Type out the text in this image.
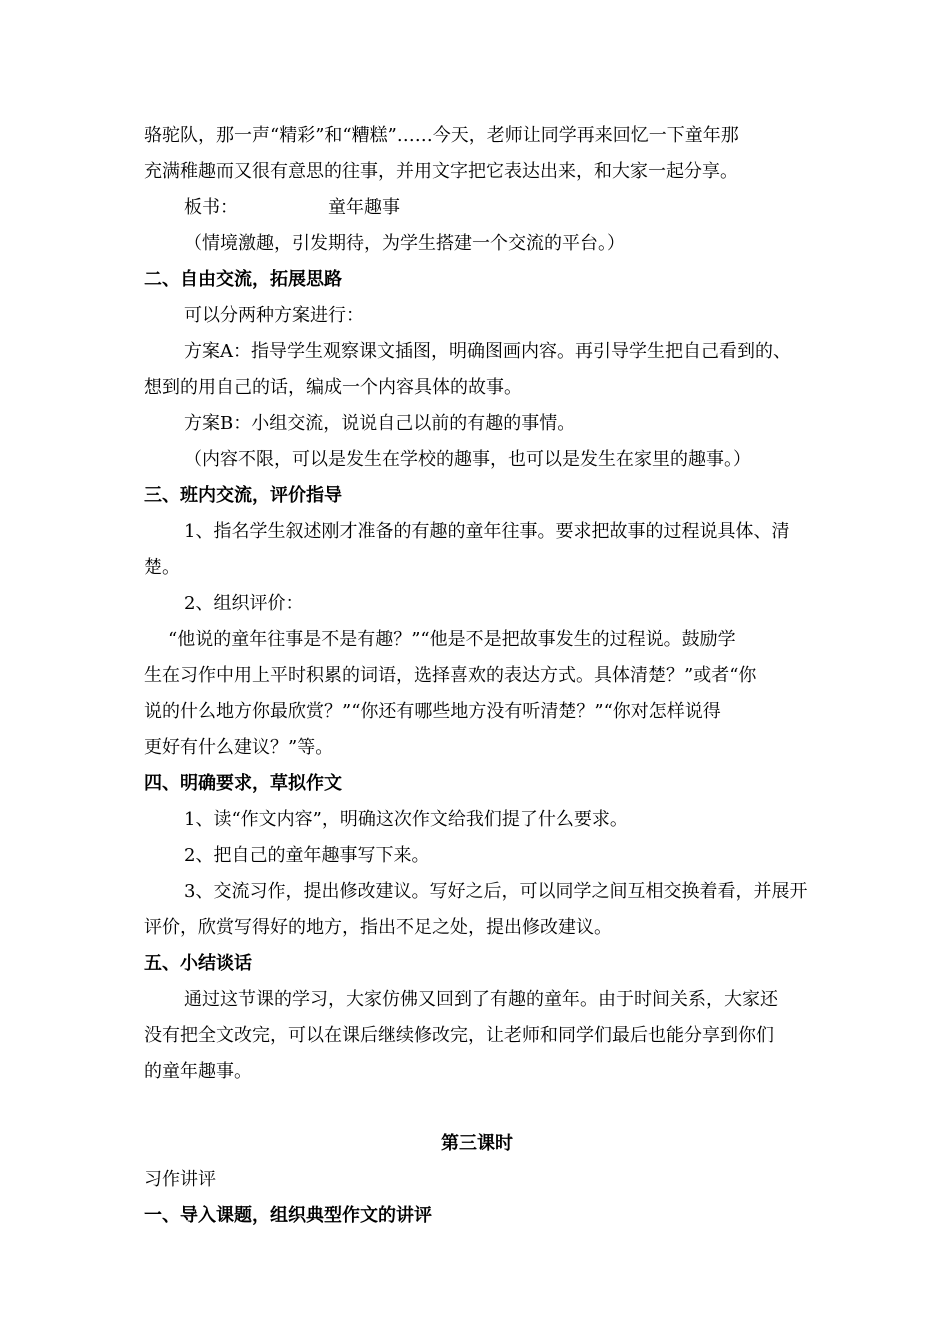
骆驼队，那一声“精彩”和“糟糕”……今天，老师让同学再来回忆一下童年那

充满稚趣而又很有意思的往事，并用文字把它表达出来，和大家一起分享。

板书：	童年趣事

（情境激趣，引发期待，为学生搭建一个交流的平台。）

二、自由交流，拓展思路

可以分两种方案进行：

方案A：指导学生观察课文插图，明确图画内容。再引导学生把自己看到的、

想到的用自己的话，编成一个内容具体的故事。

方案B：小组交流，说说自己以前的有趣的事情。

（内容不限，可以是发生在学校的趣事，也可以是发生在家里的趣事。）

三、班内交流，评价指导

1、指名学生叙述刚才准备的有趣的童年往事。要求把故事的过程说具体、清

楚。

2、组织评价：

“他说的童年往事是不是有趣？”“他是不是把故事发生的过程说。鼓励学

生在习作中用上平时积累的词语，选择喜欢的表达方式。具体清楚？”或者“你

说的什么地方你最欣赏？”“你还有哪些地方没有听清楚？”“你对怎样说得

更好有什么建议？”等。

四、明确要求，草拟作文

1、读“作文内容”，明确这次作文给我们提了什么要求。

2、把自己的童年趣事写下来。

3、交流习作，提出修改建议。写好之后，可以同学之间互相交换着看，并展开

评价，欣赏写得好的地方，指出不足之处，提出修改建议。

五、小结谈话

通过这节课的学习，大家仿佛又回到了有趣的童年。由于时间关系，大家还

没有把全文改完，可以在课后继续修改完，让老师和同学们最后也能分享到你们

的童年趣事。

第三课时

习作讲评

一、导入课题，组织典型作文的讲评
